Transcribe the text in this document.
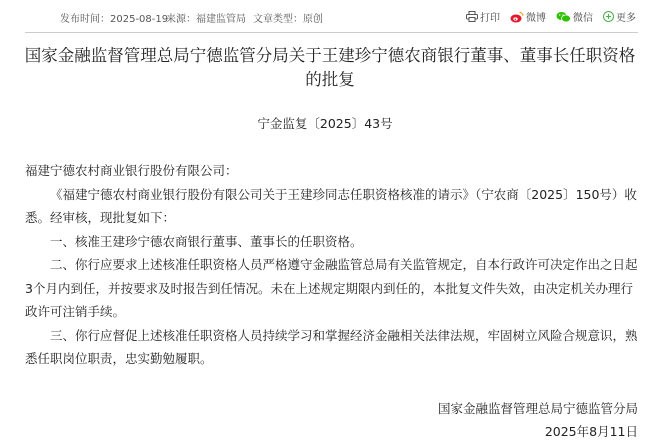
发布时间：2025-08-19
来源：福建监管局 文章类型：原创	打印	微博	微信 更多
国家金融监督管理总局宁德监管分局关于王建珍宁德农商银行董事、董事长任职资格的批复
宁金监复〔2025〕43号

福建宁德农村商业银行股份有限公司：

《福建宁德农村商业银行股份有限公司关于王建珍同志任职资格核准的请示》（宁农商〔2025〕150号）收悉。经审核，现批复如下：

一、核准王建珍宁德农商银行董事、董事长的任职资格。

二、你行应要求上述核准任职资格人员严格遵守金融监管总局有关监管规定，自本行政许可决定作出之日起3个月内到任，并按要求及时报告到任情况。未在上述规定期限内到任的，本批复文件失效，由决定机关办理行政许可注销手续。

三、你行应督促上述核准任职资格人员持续学习和掌握经济金融相关法律法规，牢固树立风险合规意识，熟悉任职岗位职责，忠实勤勉履职。

国家金融监督管理总局宁德监管分局
2025年8月11日
